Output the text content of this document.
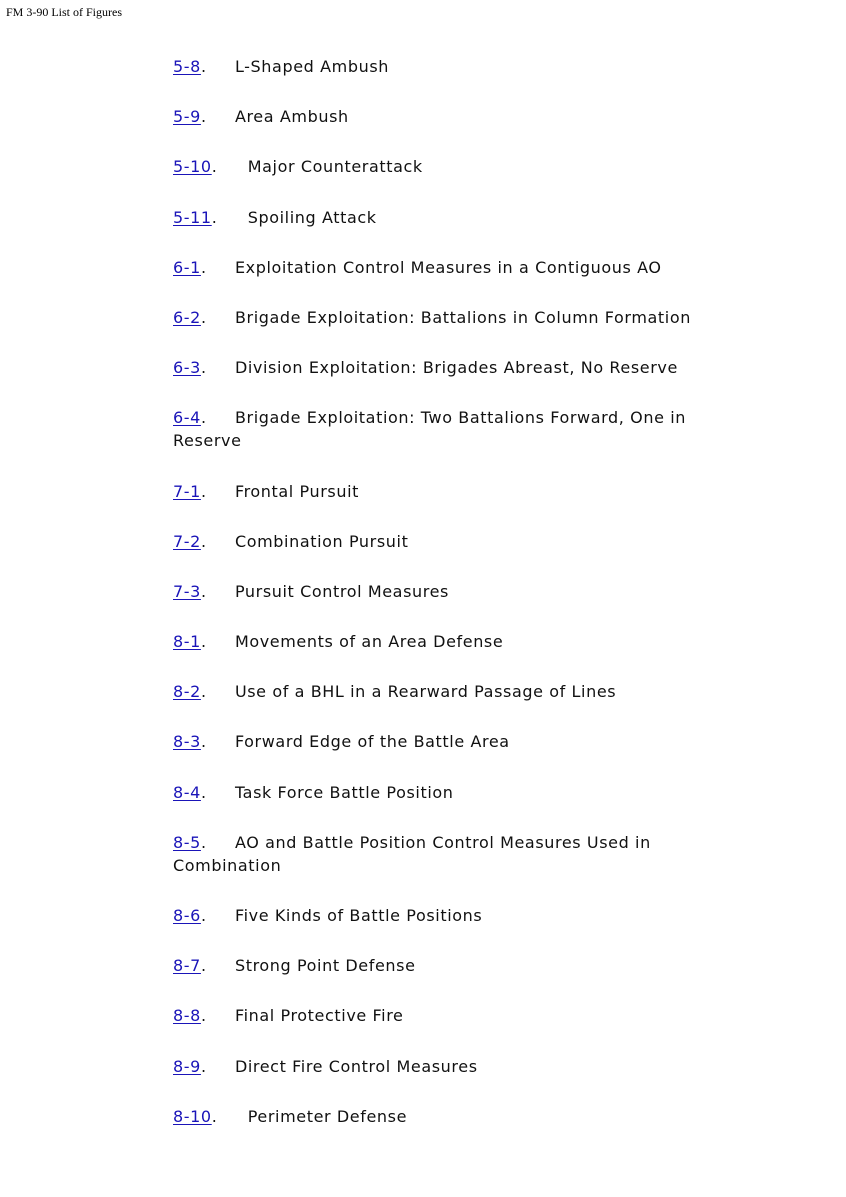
FM 3-90 List of Figures
5-8. L-Shaped Ambush
5-9. Area Ambush
5-10. Major Counterattack
5-11. Spoiling Attack
6-1. Exploitation Control Measures in a Contiguous AO
6-2. Brigade Exploitation: Battalions in Column Formation
6-3. Division Exploitation: Brigades Abreast, No Reserve
6-4. Brigade Exploitation: Two Battalions Forward, One in Reserve
7-1. Frontal Pursuit
7-2. Combination Pursuit
7-3. Pursuit Control Measures
8-1. Movements of an Area Defense
8-2. Use of a BHL in a Rearward Passage of Lines
8-3. Forward Edge of the Battle Area
8-4. Task Force Battle Position
8-5. AO and Battle Position Control Measures Used in Combination
8-6. Five Kinds of Battle Positions
8-7. Strong Point Defense
8-8. Final Protective Fire
8-9. Direct Fire Control Measures
8-10. Perimeter Defense
